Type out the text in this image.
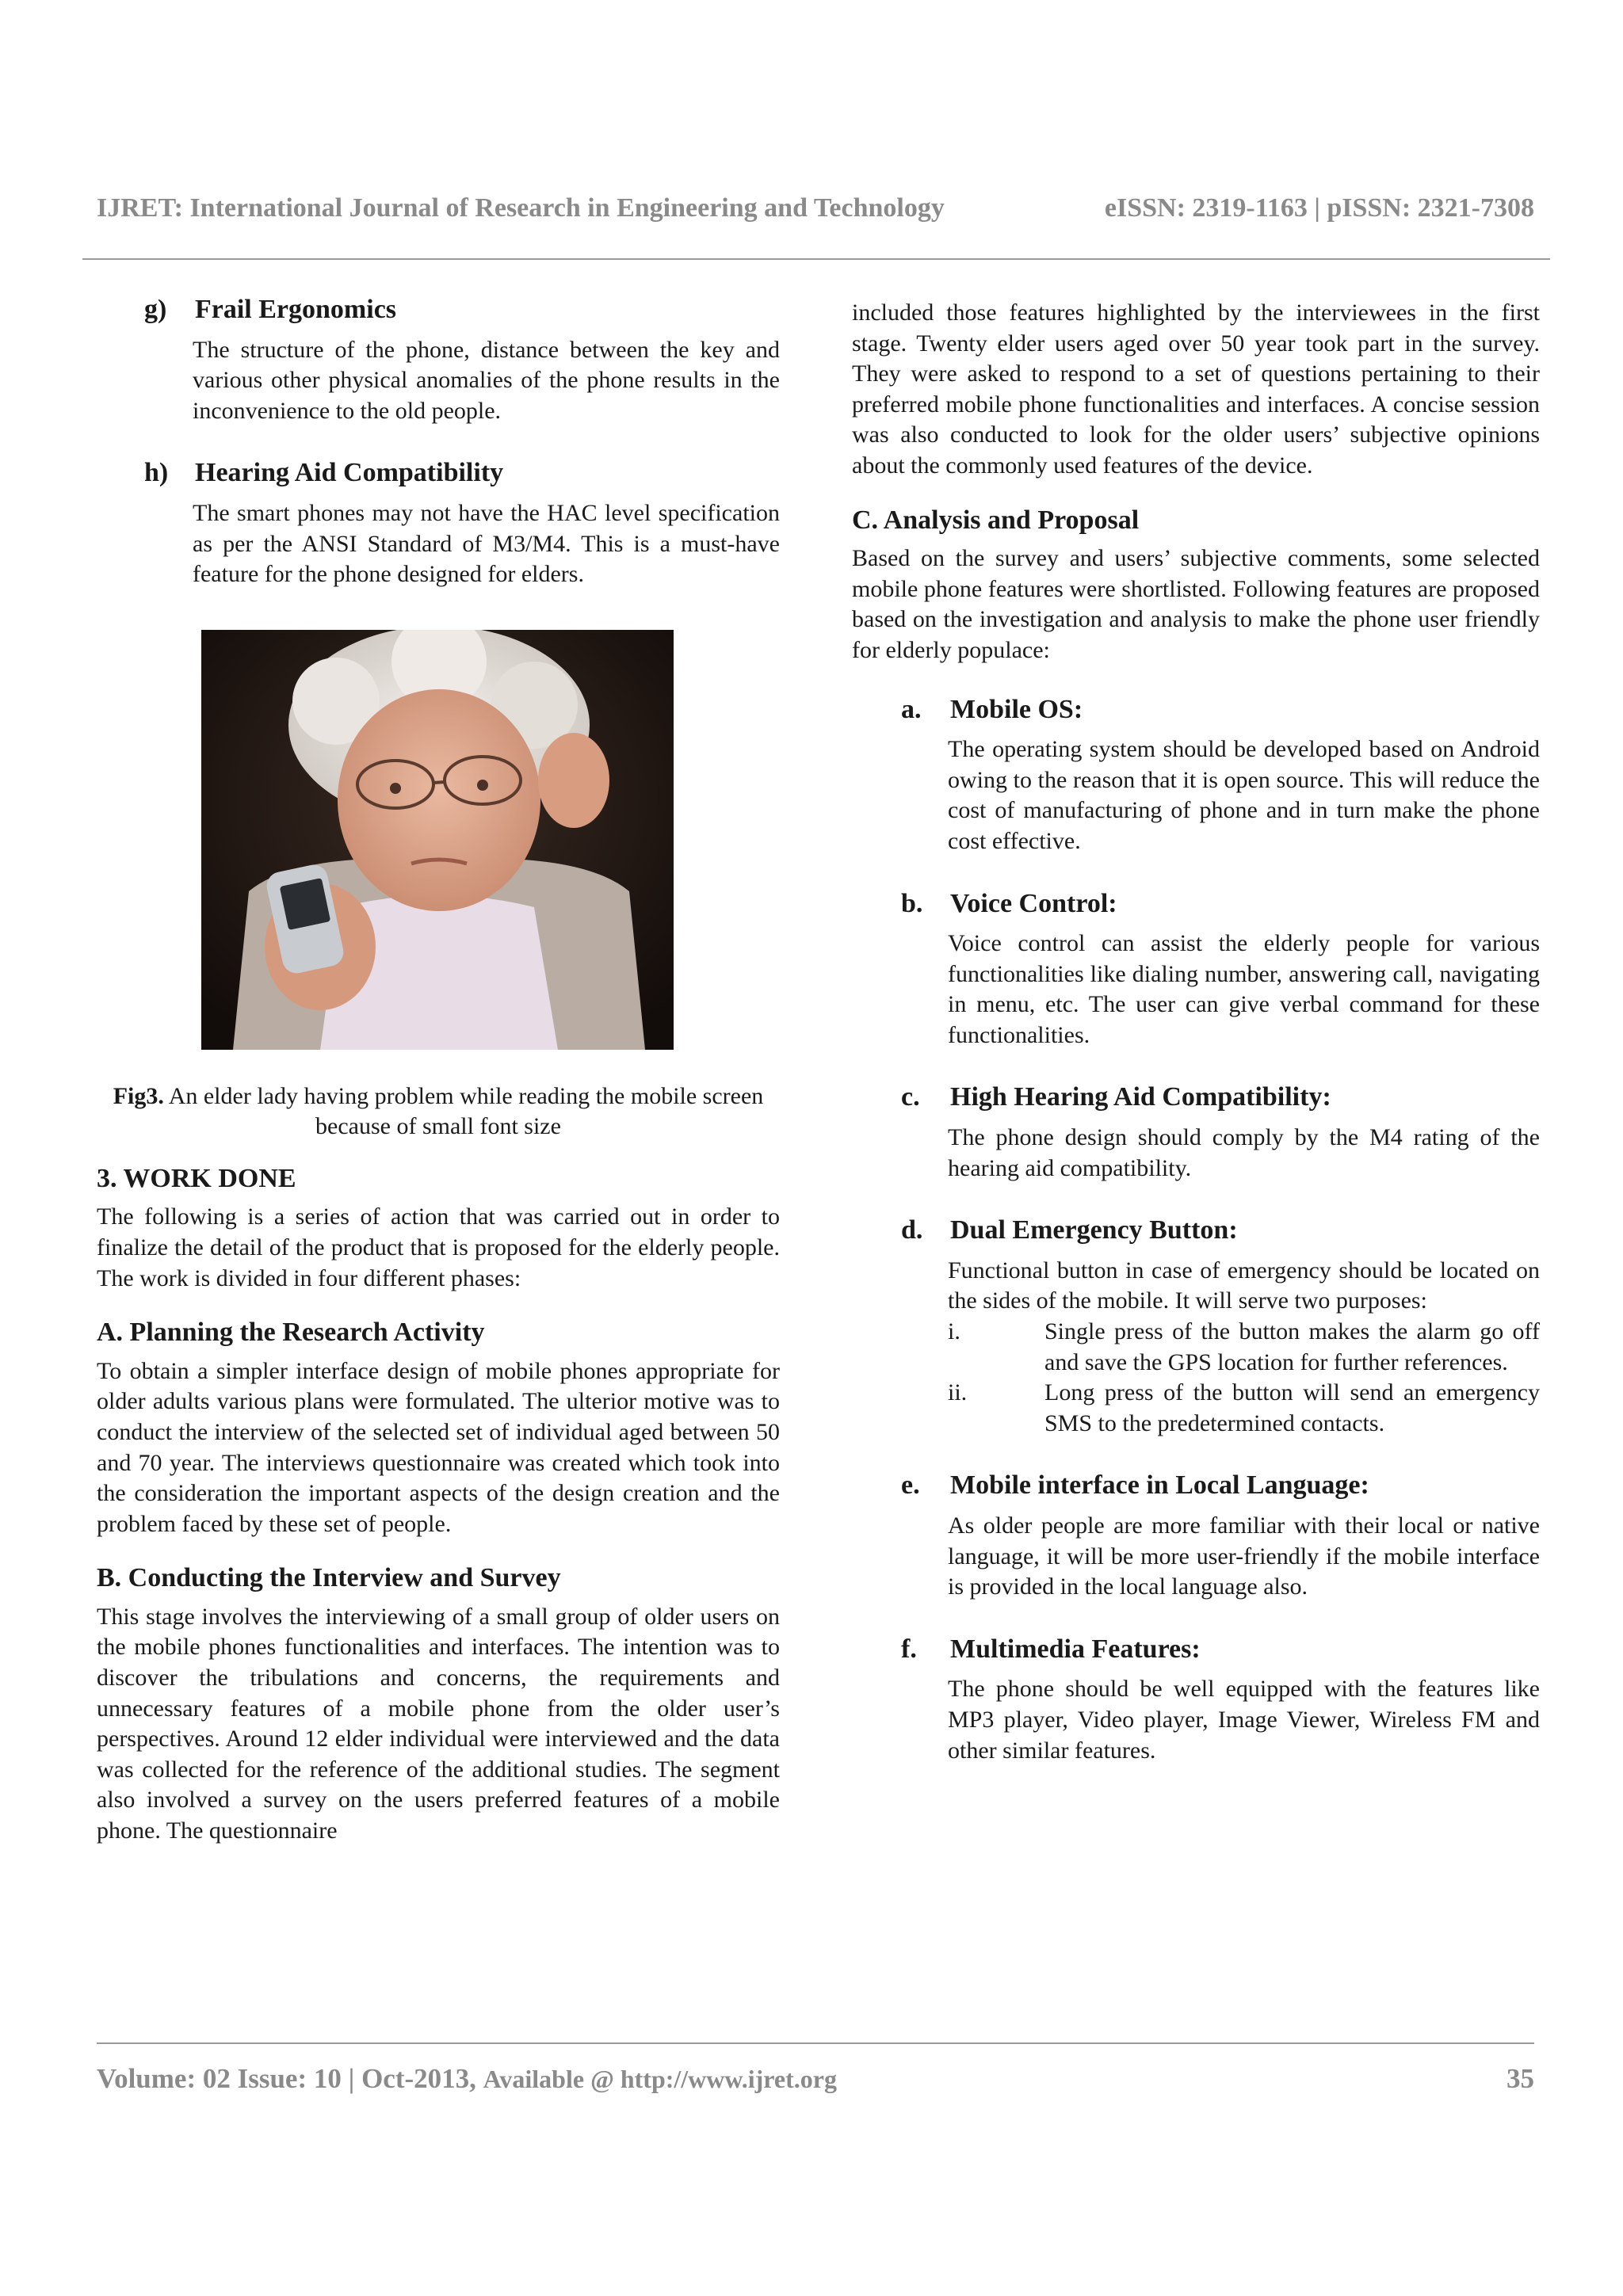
IJRET: International Journal of Research in Engineering and Technology	eISSN: 2319-1163 | pISSN: 2321-7308
g)	Frail Ergonomics

The structure of the phone, distance between the key and various other physical anomalies of the phone results in the inconvenience to the old people.

h) Hearing Aid Compatibility

The smart phones may not have the HAC level specification as per the ANSI Standard of M3/M4. This is a must-have feature for the phone designed for elders.

Fig3. An elder lady having problem while reading the mobile screen because of small font size

3. WORK DONE

The following is a series of action that was carried out in order to finalize the detail of the product that is proposed for the elderly people. The work is divided in four different phases:

A. Planning the Research Activity

To obtain a simpler interface design of mobile phones appropriate for older adults various plans were formulated. The ulterior motive was to conduct the interview of the selected set of individual aged between 50 and 70 year. The interviews questionnaire was created which took into the consideration the important aspects of the design creation and the problem faced by these set of people.

B. Conducting the Interview and Survey

This stage involves the interviewing of a small group of older users on the mobile phones functionalities and interfaces. The intention was to discover the tribulations and concerns, the requirements and unnecessary features of a mobile phone from the older user’s perspectives. Around 12 elder individual were interviewed and the data was collected for the reference of the additional studies. The segment also involved a survey on the users preferred features of a mobile phone. The questionnaire

included those features highlighted by the interviewees in the first stage. Twenty elder users aged over 50 year took part in the survey. They were asked to respond to a set of questions pertaining to their preferred mobile phone functionalities and interfaces. A concise session was also conducted to look for the older users’ subjective opinions about the commonly used features of the device.

C. Analysis and Proposal

Based on the survey and users’ subjective comments, some selected mobile phone features were shortlisted. Following features are proposed based on the investigation and analysis to make the phone user friendly for elderly populace:

a.	Mobile OS:

The operating system should be developed based on Android owing to the reason that it is open source. This will reduce the cost of manufacturing of phone and in turn make the phone cost effective.

b.	Voice Control:

Voice control can assist the elderly people for various functionalities like dialing number, answering call, navigating in menu, etc. The user can give verbal command for these functionalities.

c.	High Hearing Aid Compatibility:

The phone design should comply by the M4 rating of the hearing aid compatibility.

d.	Dual Emergency Button:

Functional button in case of emergency should be located on the sides of the mobile. It will serve two purposes:

i.	Single press of the button makes the alarm go off and save the GPS location for further references.

ii.	Long press of the button will send an emergency SMS to the predetermined contacts.

e.	Mobile interface in Local Language:

As older people are more familiar with their local or native language, it will be more user-friendly if the mobile interface is provided in the local language also.

f.	Multimedia Features:

The phone should be well equipped with the features like MP3 player, Video player, Image Viewer, Wireless FM and other similar features.

Volume: 02 Issue: 10 | Oct-2013, Available @ http://www.ijret.org	35
